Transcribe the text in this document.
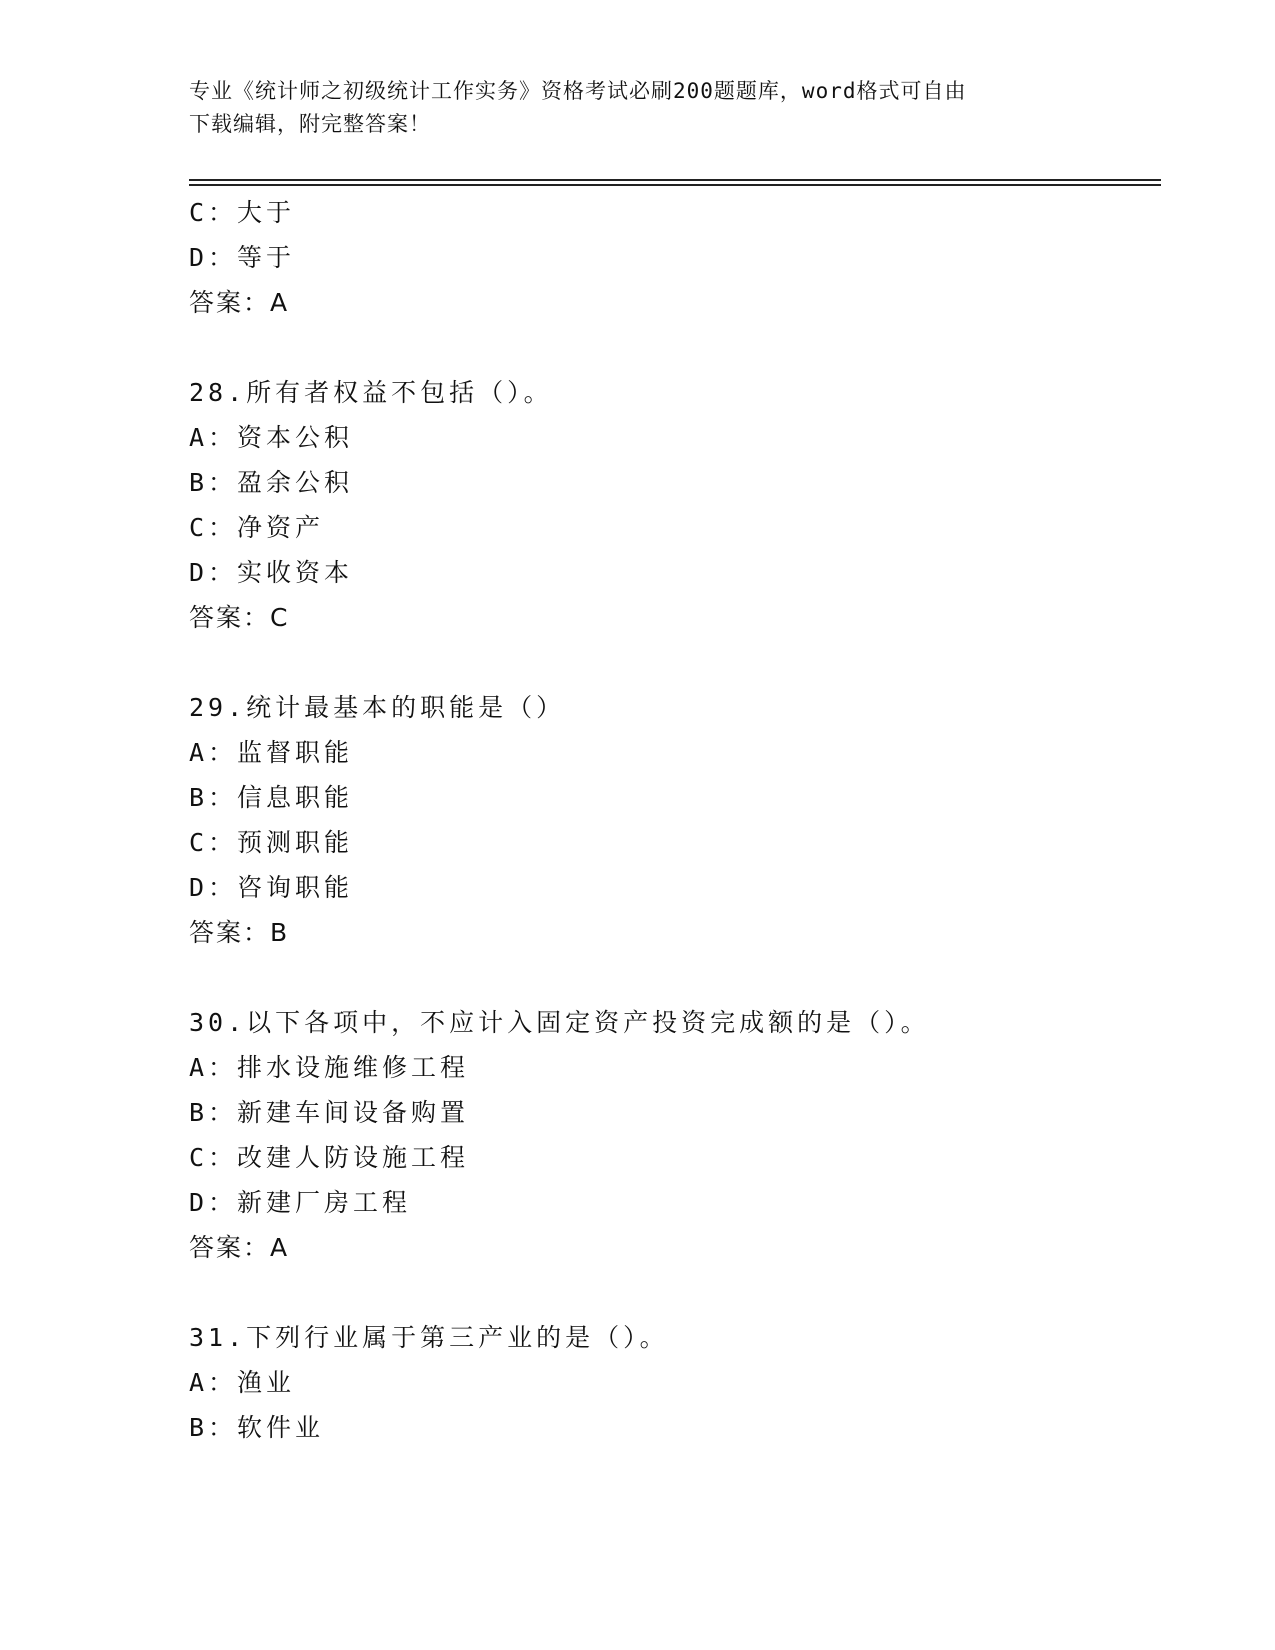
专业《统计师之初级统计工作实务》资格考试必刷200题题库，word格式可自由
下载编辑，附完整答案！
C：大于
D：等于
答案：A
28.所有者权益不包括（）。
A：资本公积
B：盈余公积
C：净资产
D：实收资本
答案：C
29.统计最基本的职能是（）
A：监督职能
B：信息职能
C：预测职能
D：咨询职能
答案：B
30.以下各项中，不应计入固定资产投资完成额的是（）。
A：排水设施维修工程
B：新建车间设备购置
C：改建人防设施工程
D：新建厂房工程
答案：A
31.下列行业属于第三产业的是（）。
A：渔业
B：软件业
